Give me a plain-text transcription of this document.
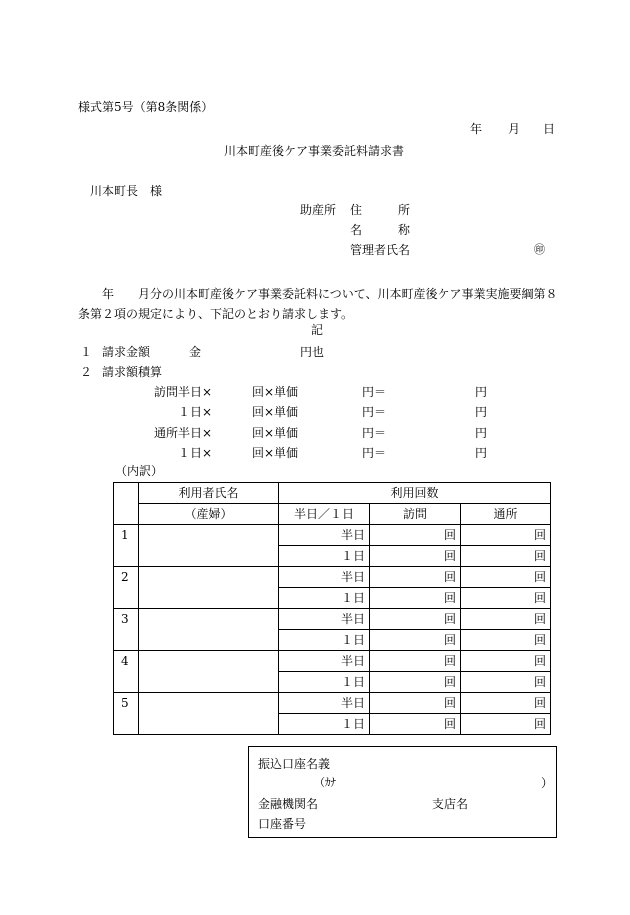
様式第5号（第8条関係）
年 月 日
川本町産後ケア事業委託料請求書
川本町長　様
助産所 住　　　所
名　　　称
管理者氏名	㊞
　　年　　月分の川本町産後ケア事業委託料について、川本町産後ケア事業実施要綱第８条第２項の規定により、下記のとおり請求します。
記
１ 請求金額	金	円也
２ 請求額積算
訪問半日×	回×単価	円＝	円
１日×	回×単価	円＝	円
通所半日×	回×単価	円＝	円
１日×	回×単価	円＝	円
（内訳）
	利用者氏名	利用回数		
	（産婦）	半日／１日	訪問	通所
1		半日	回	回
		１日	回	回
2		半日	回	回
		１日	回	回
3		半日	回	回
		１日	回	回
4		半日	回	回
		１日	回	回
5		半日	回	回
		１日	回	回
振込口座名義
（ｶﾅ	）
金融機関名	支店名
口座番号
